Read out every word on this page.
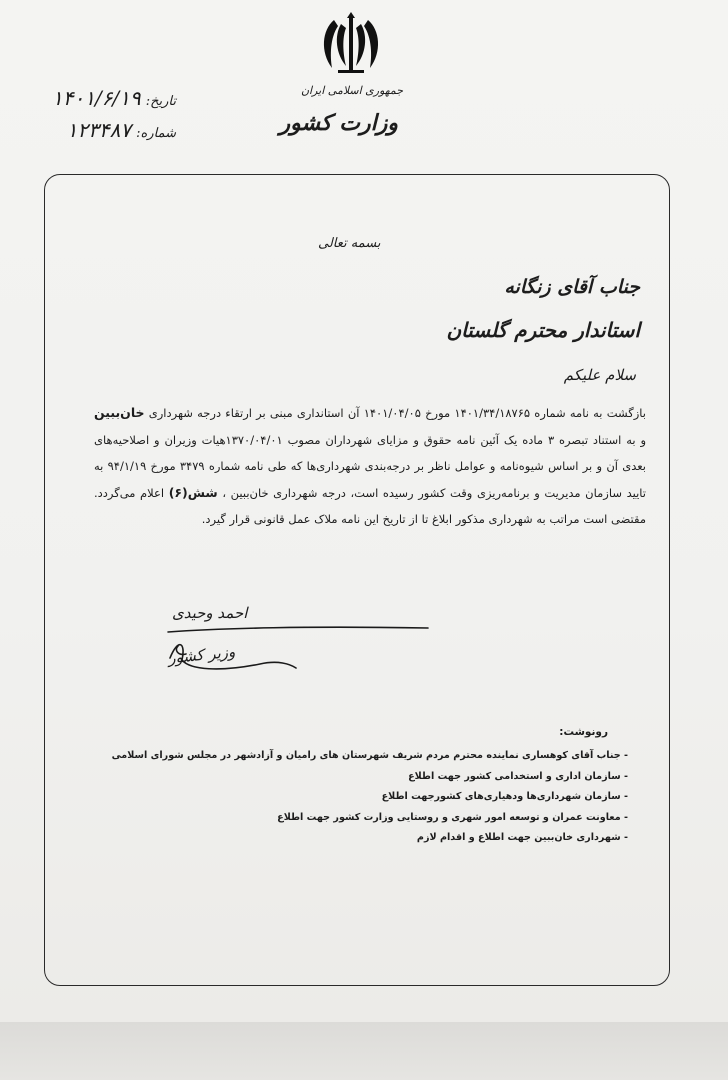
جمهوری اسلامی ایران
وزارت کشور
تاریخ: ۱۴۰۱/۶/۱۹
شماره: ۱۲۳۴۸۷
بسمه تعالی
جناب آقای زنگانه
استاندار محترم گلستان
سلام علیکم
بازگشت به نامه شماره ۱۴۰۱/۳۴/۱۸۷۶۵ مورخ ۱۴۰۱/۰۴/۰۵ آن استانداری مبنی بر ارتقاء درجه شهرداری خان‌ببین و به استناد تبصره ۳ ماده یک آئین نامه حقوق و مزایای شهرداران مصوب ۱۳۷۰/۰۴/۰۱هیات وزیران و اصلاحیه‌های بعدی آن و بر اساس شیوه‌نامه و عوامل ناظر بر درجه‌بندی شهرداری‌ها که طی نامه شماره ۳۴۷۹ مورخ ۹۴/۱/۱۹ به تایید سازمان مدیریت و برنامه‌ریزی وقت کشور رسیده است، درجه شهرداری خان‌ببین ، شش(۶) اعلام می‌گردد. مقتضی است مراتب به شهرداری مذکور ابلاغ تا از تاریخ این نامه ملاک عمل قانونی قرار گیرد.
احمد وحیدی
وزیر کشور
رونوشت:
- جناب آقای کوهساری نماینده محترم مردم شریف شهرستان های رامیان و آزادشهر در مجلس شورای اسلامی
- سازمان اداری و استخدامی کشور جهت اطلاع
- سازمان شهرداری‌ها ودهیاری‌های کشورجهت اطلاع
- معاونت عمران و توسعه امور شهری و روستایی وزارت کشور جهت اطلاع
- شهرداری خان‌ببین جهت اطلاع و اقدام لازم
